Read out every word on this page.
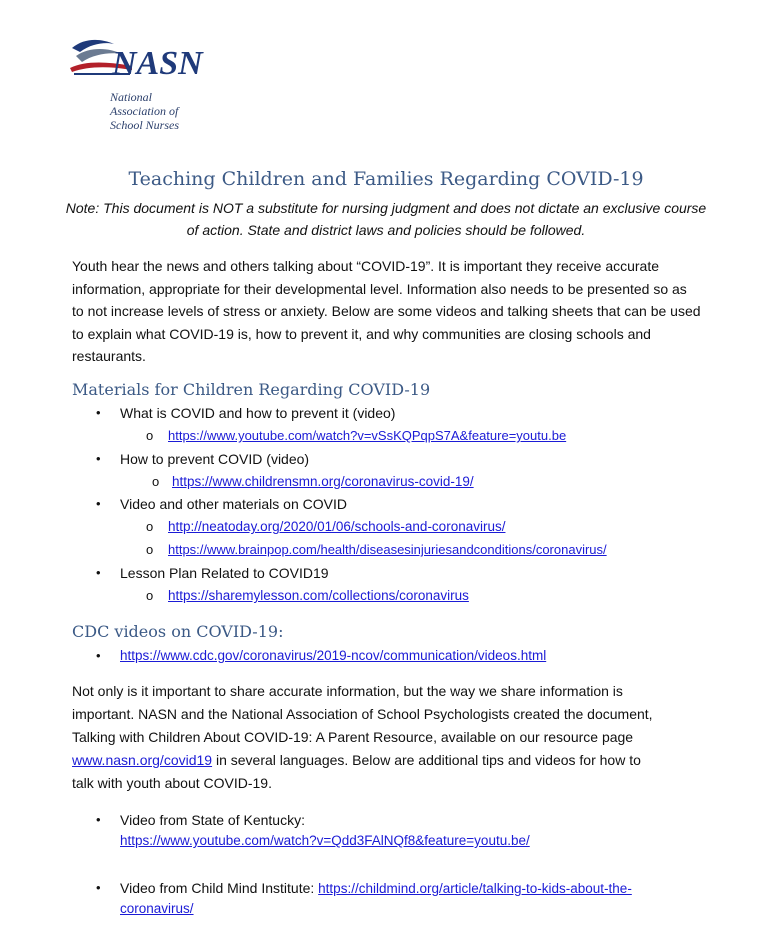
NASN
National
Association of
School Nurses
Teaching Children and Families Regarding COVID-19
Note: This document is NOT a substitute for nursing judgment and does not dictate an exclusive course of action. State and district laws and policies should be followed.
Youth hear the news and others talking about “COVID-19”. It is important they receive accurate information, appropriate for their developmental level. Information also needs to be presented so as to not increase levels of stress or anxiety. Below are some videos and talking sheets that can be used to explain what COVID-19 is, how to prevent it, and why communities are closing schools and restaurants.
Materials for Children Regarding COVID-19
• What is COVID and how to prevent it (video)
o https://www.youtube.com/watch?v=vSsKQPqpS7A&feature=youtu.be
• How to prevent COVID (video)
o https://www.childrensmn.org/coronavirus-covid-19/
• Video and other materials on COVID
o http://neatoday.org/2020/01/06/schools-and-coronavirus/
o https://www.brainpop.com/health/diseasesinjuriesandconditions/coronavirus/
• Lesson Plan Related to COVID19
o https://sharemylesson.com/collections/coronavirus
CDC videos on COVID-19:
• https://www.cdc.gov/coronavirus/2019-ncov/communication/videos.html
Not only is it important to share accurate information, but the way we share information is
important. NASN and the National Association of School Psychologists created the document,
Talking with Children About COVID-19: A Parent Resource, available on our resource page
www.nasn.org/covid19 in several languages. Below are additional tips and videos for how to
talk with youth about COVID-19.
• Video from State of Kentucky:
https://www.youtube.com/watch?v=Qdd3FAlNQf8&feature=youtu.be/
• Video from Child Mind Institute: https://childmind.org/article/talking-to-kids-about-the-
coronavirus/
